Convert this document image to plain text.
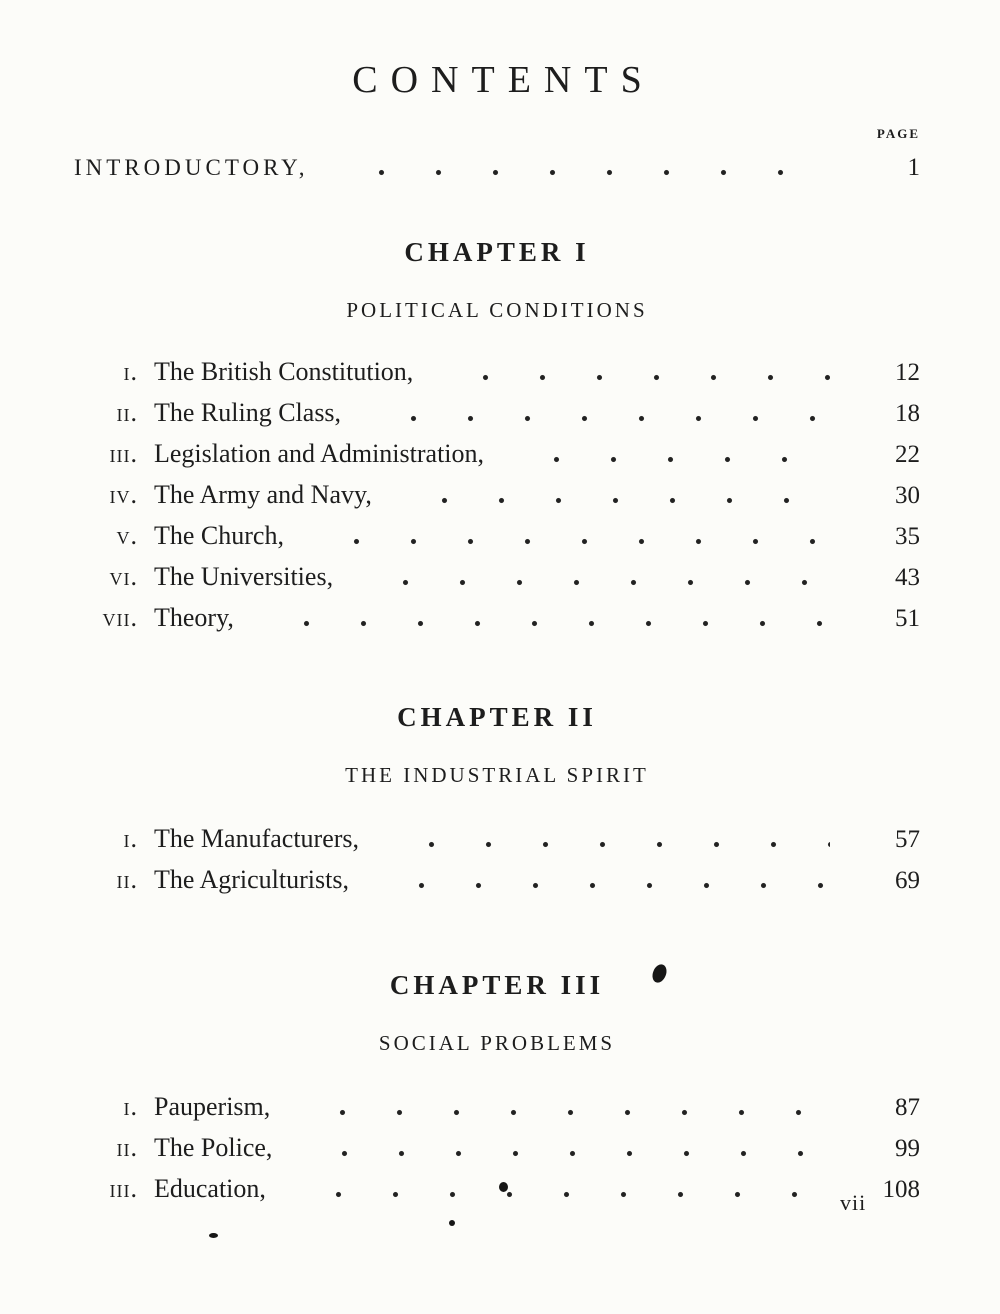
CONTENTS
PAGE
INTRODUCTORY,	1
CHAPTER I
POLITICAL CONDITIONS
i. The British Constitution,	12
ii. The Ruling Class,	18
iii. Legislation and Administration,	22
iv. The Army and Navy,	30
v. The Church,	35
vi. The Universities,	43
vii. Theory,	51
CHAPTER II
THE INDUSTRIAL SPIRIT
i. The Manufacturers,	57
ii. The Agriculturists,	69
CHAPTER III
SOCIAL PROBLEMS
i. Pauperism,	87
ii. The Police,	99
iii. Education,	108
vii
